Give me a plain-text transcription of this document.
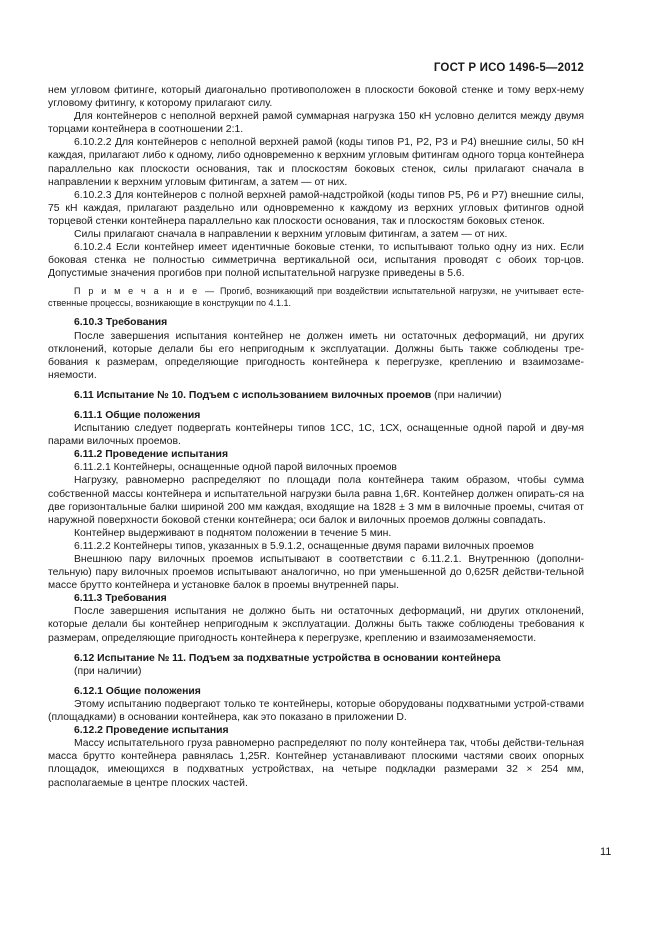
ГОСТ Р ИСО 1496-5—2012

нем угловом фитинге, который диагонально противоположен в плоскости боковой стенке и тому верх-нему угловому фитингу, к которому прилагают силу.

Для контейнеров с неполной верхней рамой суммарная нагрузка 150 кН условно делится между двумя торцами контейнера в соотношении 2:1.

6.10.2.2 Для контейнеров с неполной верхней рамой (коды типов Р1, Р2, Р3 и Р4) внешние силы, 50 кН каждая, прилагают либо к одному, либо одновременно к верхним угловым фитингам одного торца контейнера параллельно как плоскости основания, так и плоскостям боковых стенок, силы прилагают сначала в направлении к верхним угловым фитингам, а затем — от них.

6.10.2.3 Для контейнеров с полной верхней рамой-надстройкой (коды типов Р5, Р6 и Р7) внешние силы, 75 кН каждая, прилагают раздельно или одновременно к каждому из верхних угловых фитингов одной торцевой стенки контейнера параллельно как плоскости основания, так и плоскостям боковых стенок.

Силы прилагают сначала в направлении к верхним угловым фитингам, а затем — от них.

6.10.2.4 Если контейнер имеет идентичные боковые стенки, то испытывают только одну из них. Если боковая стенка не полностью симметрична вертикальной оси, испытания проводят с обоих тор-цов. Допустимые значения прогибов при полной испытательной нагрузке приведены в 5.6.

П р и м е ч а н и е — Прогиб, возникающий при воздействии испытательной нагрузки, не учитывает есте-ственные процессы, возникающие в конструкции по 4.1.1.

6.10.3 Требования

После завершения испытания контейнер не должен иметь ни остаточных деформаций, ни других отклонений, которые делали бы его непригодным к эксплуатации. Должны быть также соблюдены тре-бования к размерам, определяющие пригодность контейнера к перегрузке, креплению и взаимозаме-няемости.

6.11 Испытание № 10. Подъем с использованием вилочных проемов (при наличии)

6.11.1 Общие положения

Испытанию следует подвергать контейнеры типов 1СС, 1С, 1СХ, оснащенные одной парой и дву-мя парами вилочных проемов.

6.11.2 Проведение испытания

6.11.2.1 Контейнеры, оснащенные одной парой вилочных проемов

Нагрузку, равномерно распределяют по площади пола контейнера таким образом, чтобы сумма собственной массы контейнера и испытательной нагрузки была равна 1,6R. Контейнер должен опирать-ся на две горизонтальные балки шириной 200 мм каждая, входящие на 1828 ± 3 мм в вилочные проемы, считая от наружной поверхности боковой стенки контейнера; оси балок и вилочных проемов должны совпадать.

Контейнер выдерживают в поднятом положении в течение 5 мин.

6.11.2.2 Контейнеры типов, указанных в 5.9.1.2, оснащенные двумя парами вилочных проемов

Внешнюю пару вилочных проемов испытывают в соответствии с 6.11.2.1. Внутреннюю (дополни-тельную) пару вилочных проемов испытывают аналогично, но при уменьшенной до 0,625R действи-тельной массе брутто контейнера и установке балок в проемы внутренней пары.

6.11.3 Требования

После завершения испытания не должно быть ни остаточных деформаций, ни других отклонений, которые делали бы контейнер непригодным к эксплуатации. Должны быть также соблюдены требования к размерам, определяющие пригодность контейнера к перегрузке, креплению и взаимозаменяемости.

6.12 Испытание № 11. Подъем за подхватные устройства в основании контейнера

(при наличии)

6.12.1 Общие положения

Этому испытанию подвергают только те контейнеры, которые оборудованы подхватными устрой-ствами (площадками) в основании контейнера, как это показано в приложении D.

6.12.2 Проведение испытания

Массу испытательного груза равномерно распределяют по полу контейнера так, чтобы действи-тельная масса брутто контейнера равнялась 1,25R. Контейнер устанавливают плоскими частями своих опорных площадок, имеющихся в подхватных устройствах, на четыре подкладки размерами 32 × 254 мм, располагаемые в центре плоских частей.

11
